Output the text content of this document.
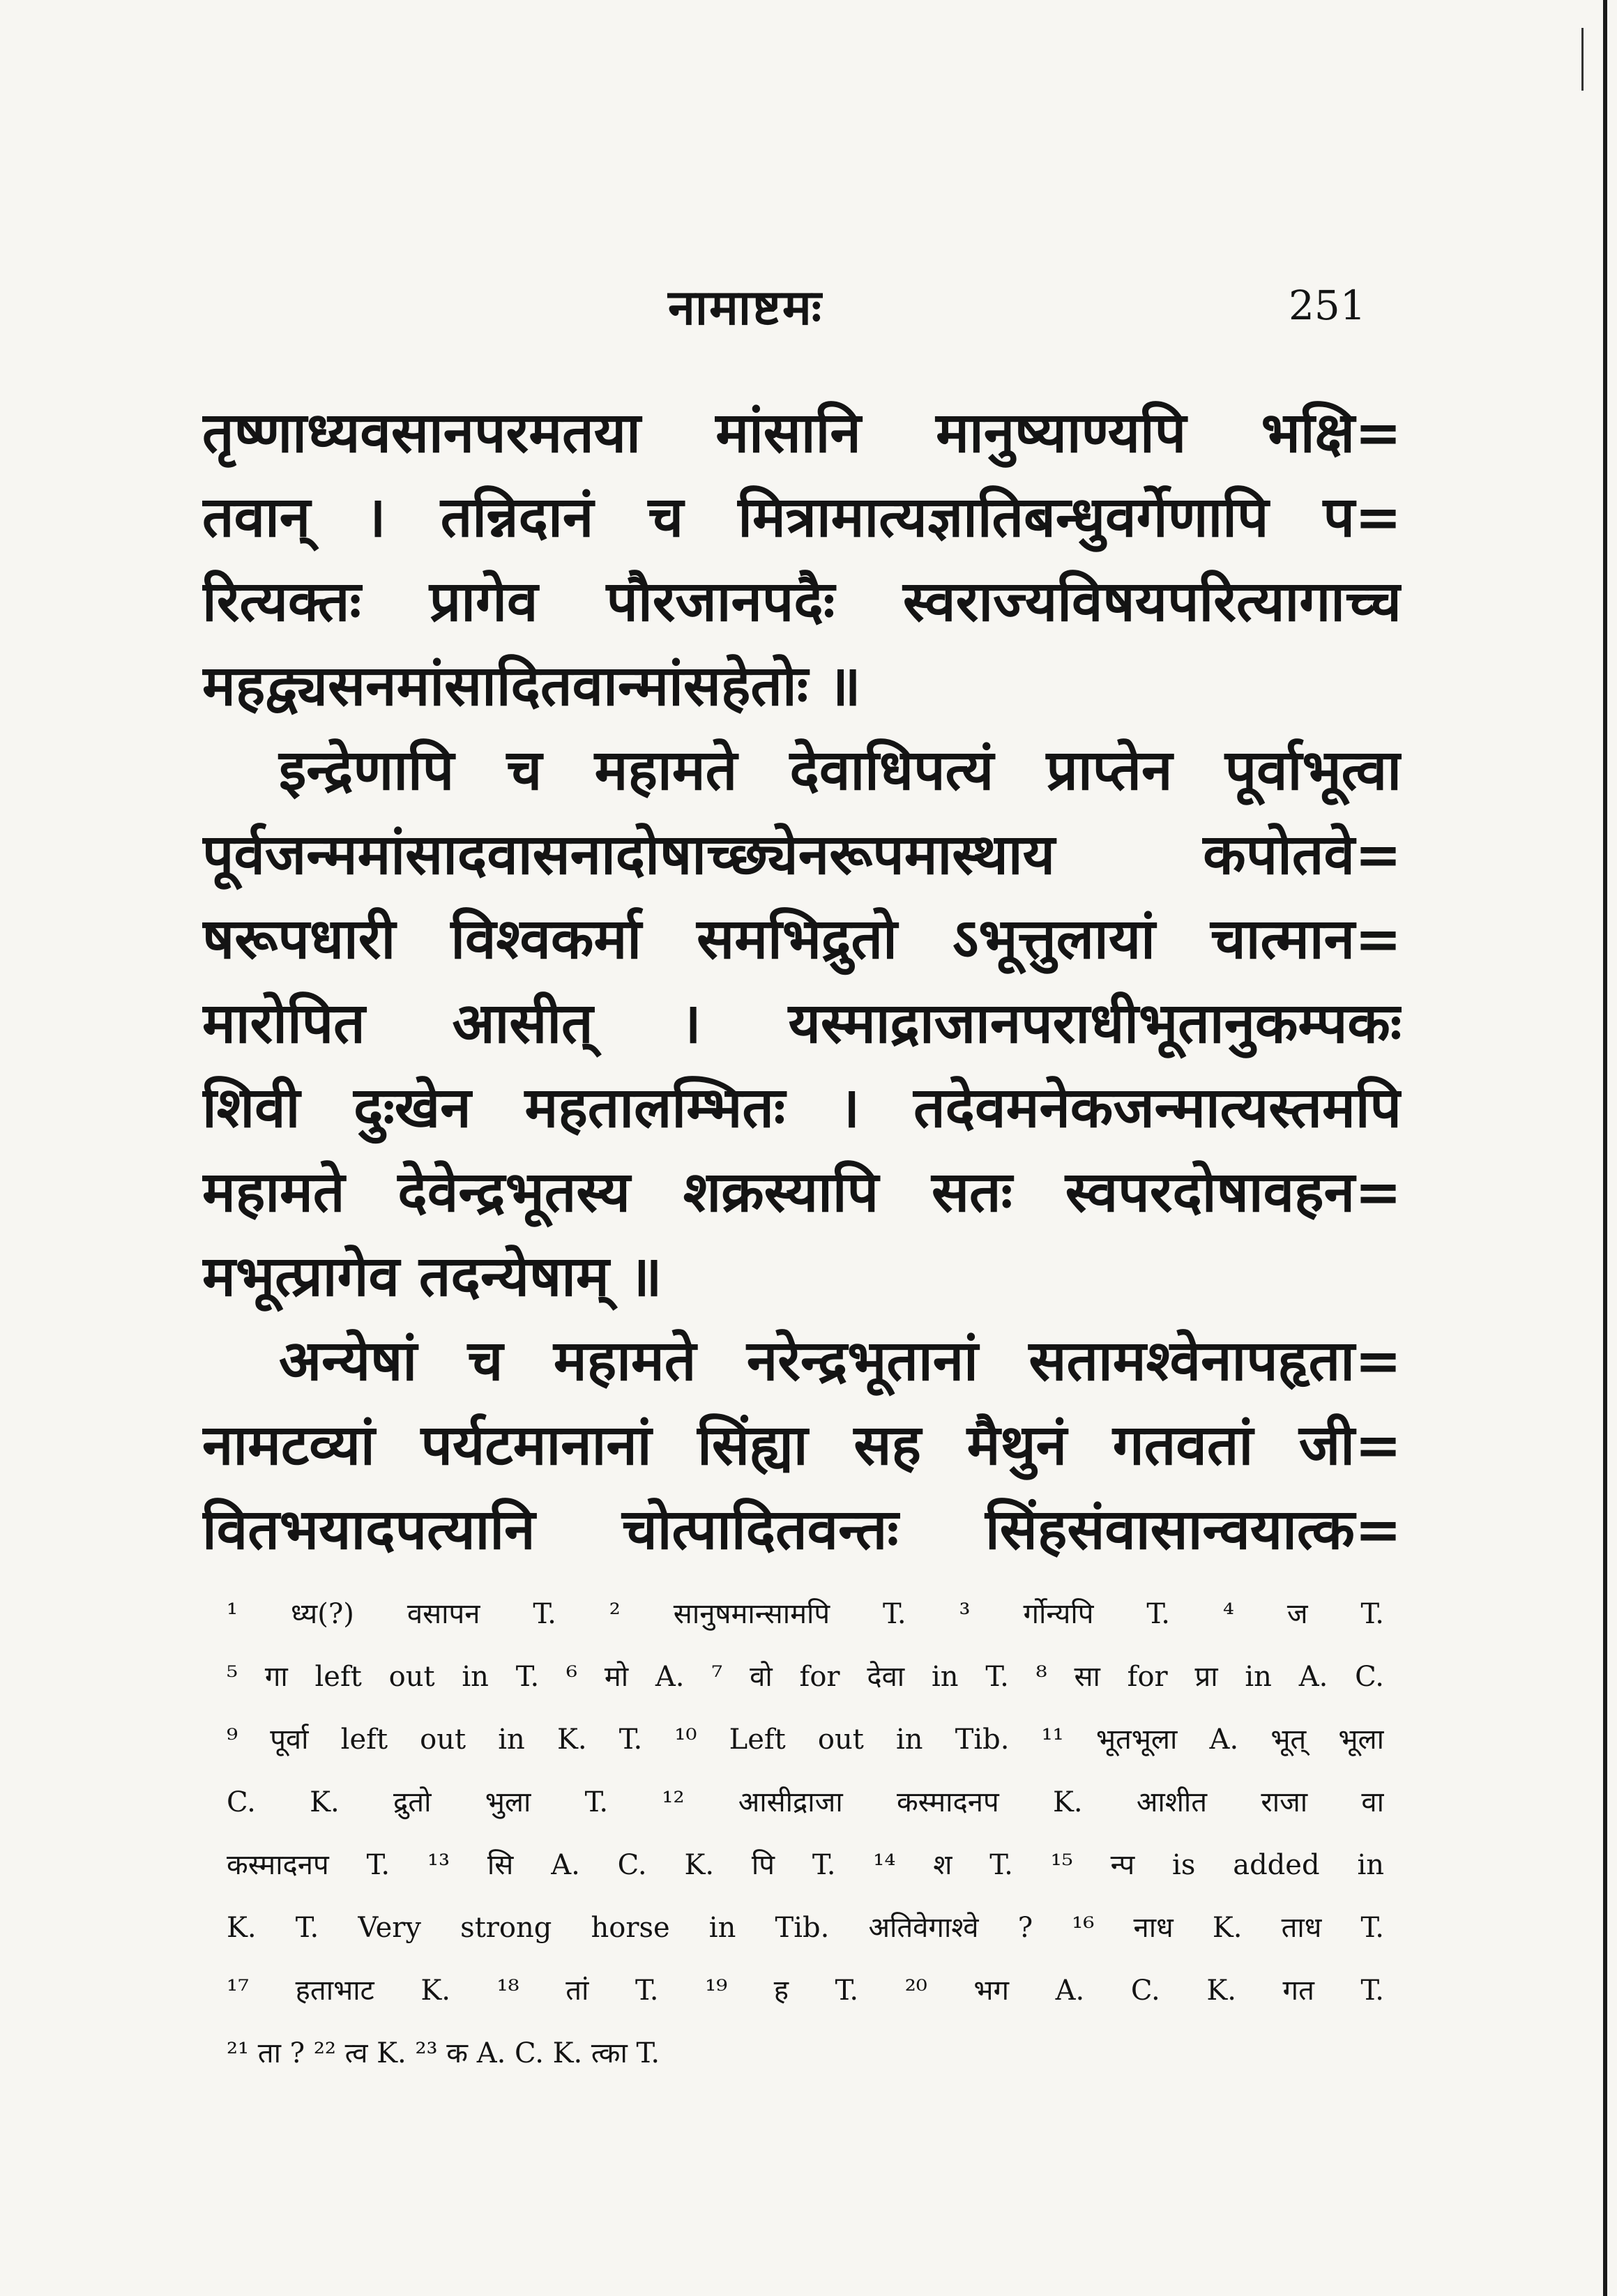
नामाष्टमः	251
तृष्णाध्यवसानपरमतया मांसानि मानुष्याण्यपि भक्षि=
तवान् । तन्निदानं च मित्रामात्यज्ञातिबन्धुवर्गेणापि प=
रित्यक्तः प्रागेव पौरजानपदैः स्वराज्यविषयपरित्यागाच्च
महद्व्यसनमांसादितवान्मांसहेतोः ॥
इन्द्रेणापि च महामते देवाधिपत्यं प्राप्तेन पूर्वाभूत्वा
पूर्वजन्ममांसादवासनादोषाच्छ्येनरूपमास्थाय कपोतवे=
षरूपधारी विश्वकर्मा समभिद्रुतो ऽभूत्तुलायां चात्मान=
मारोपित आसीत् । यस्माद्राजानपराधीभूतानुकम्पकः
शिवी दुःखेन महतालम्भितः । तदेवमनेकजन्मात्यस्तमपि
महामते देवेन्द्रभूतस्य शक्रस्यापि सतः स्वपरदोषावहन=
मभूत्प्रागेव तदन्येषाम् ॥
अन्येषां च महामते नरेन्द्रभूतानां सतामश्वेनापहृता=
नामटव्यां पर्यटमानानां सिंह्या सह मैथुनं गतवतां जी=
वितभयादपत्यानि चोत्पादितवन्तः सिंहसंवासान्वयात्क=
¹ ध्य(?) वसापन T. ² सानुषमान्सामपि T. ³ र्गोन्यपि T. ⁴ ज T.
⁵ गा left out in T. ⁶ मो A. ⁷ वो for देवा in T. ⁸ सा for प्रा in A. C.
⁹ पूर्वा left out in K. T. ¹⁰ Left out in Tib. ¹¹ भूतभूला A. भूत् भूला
C. K. द्रुतो भुला T. ¹² आसीद्राजा कस्मादनप K. आशीत राजा वा
कस्मादनप T. ¹³ सि A. C. K. पि T. ¹⁴ श T. ¹⁵ न्प is added in
K. T. Very strong horse in Tib. अतिवेगाश्वे ? ¹⁶ नाध K. ताध T.
¹⁷ हताभाट K. ¹⁸ तां T. ¹⁹ ह T. ²⁰ भग A. C. K. गत T.
²¹ ता ? ²² त्व K. ²³ क A. C. K. त्का T.
